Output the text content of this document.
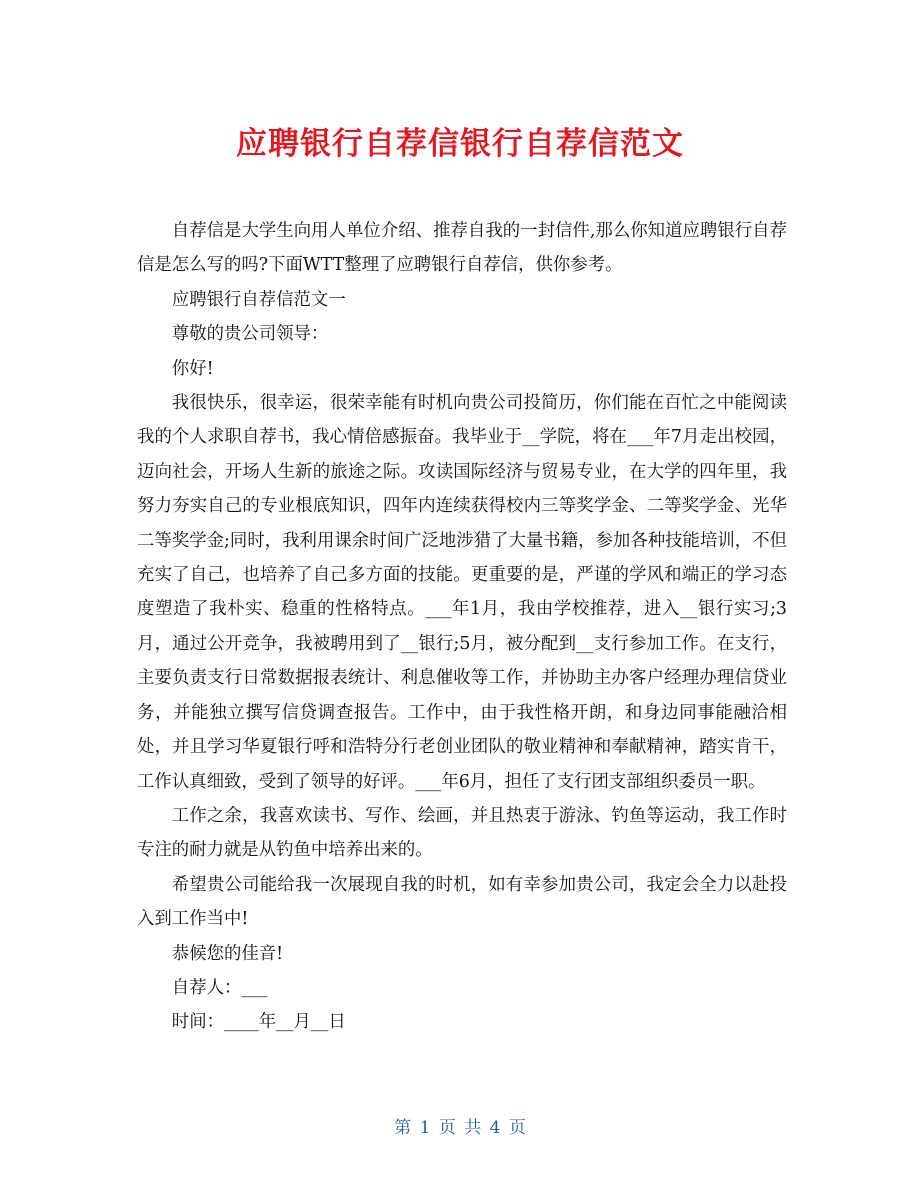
应聘银行自荐信银行自荐信范文

自荐信是大学生向用人单位介绍、推荐自我的一封信件,那么你知道应聘银行自荐信是怎么写的吗?下面WTT整理了应聘银行自荐信，供你参考。

应聘银行自荐信范文一

尊敬的贵公司领导：

你好!

我很快乐，很幸运，很荣幸能有时机向贵公司投简历，你们能在百忙之中能阅读我的个人求职自荐书，我心情倍感振奋。我毕业于__学院，将在___年7月走出校园，迈向社会，开场人生新的旅途之际。攻读国际经济与贸易专业，在大学的四年里，我努力夯实自己的专业根底知识，四年内连续获得校内三等奖学金、二等奖学金、光华二等奖学金;同时，我利用课余时间广泛地涉猎了大量书籍，参加各种技能培训，不但充实了自己，也培养了自己多方面的技能。更重要的是，严谨的学风和端正的学习态度塑造了我朴实、稳重的性格特点。___年1月，我由学校推荐，进入__银行实习;3月，通过公开竞争，我被聘用到了__银行;5月，被分配到__支行参加工作。在支行，主要负责支行日常数据报表统计、利息催收等工作，并协助主办客户经理办理信贷业务，并能独立撰写信贷调查报告。工作中，由于我性格开朗，和身边同事能融洽相处，并且学习华夏银行呼和浩特分行老创业团队的敬业精神和奉献精神，踏实肯干，工作认真细致，受到了领导的好评。___年6月，担任了支行团支部组织委员一职。

工作之余，我喜欢读书、写作、绘画，并且热衷于游泳、钓鱼等运动，我工作时专注的耐力就是从钓鱼中培养出来的。

希望贵公司能给我一次展现自我的时机，如有幸参加贵公司，我定会全力以赴投入到工作当中!

恭候您的佳音!

自荐人：___

时间：____年__月__日

第 1 页 共 4 页
